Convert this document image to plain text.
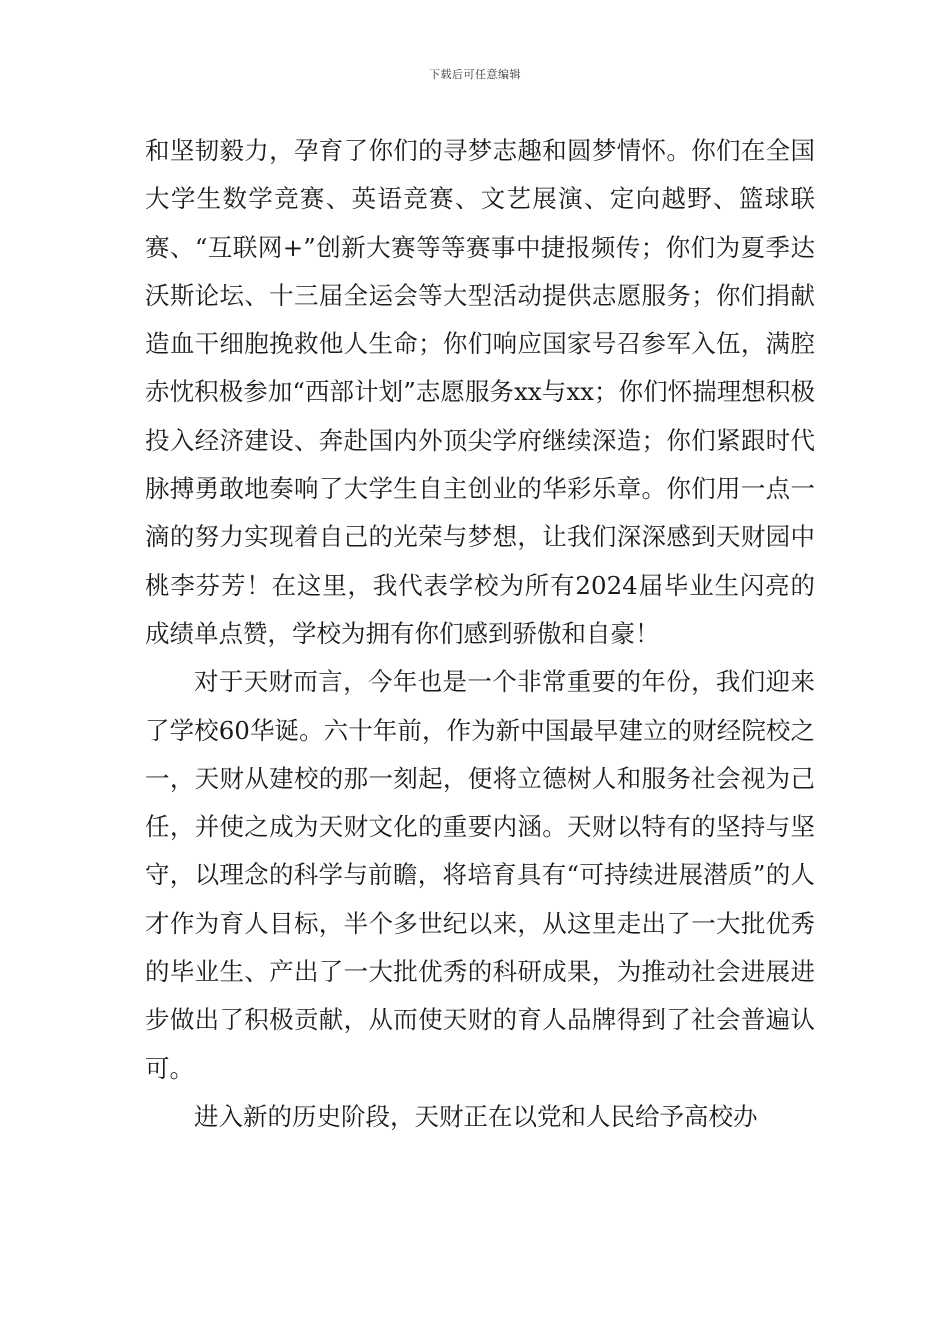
下载后可任意编辑

和坚韧毅力，孕育了你们的寻梦志趣和圆梦情怀。你们在全国大学生数学竞赛、英语竞赛、文艺展演、定向越野、篮球联赛、“互联网+”创新大赛等等赛事中捷报频传；你们为夏季达沃斯论坛、十三届全运会等大型活动提供志愿服务；你们捐献造血干细胞挽救他人生命；你们响应国家号召参军入伍，满腔赤忱积极参加“西部计划”志愿服务xx与xx；你们怀揣理想积极投入经济建设、奔赴国内外顶尖学府继续深造；你们紧跟时代脉搏勇敢地奏响了大学生自主创业的华彩乐章。你们用一点一滴的努力实现着自己的光荣与梦想，让我们深深感到天财园中桃李芬芳！在这里，我代表学校为所有2024届毕业生闪亮的成绩单点赞，学校为拥有你们感到骄傲和自豪！

对于天财而言，今年也是一个非常重要的年份，我们迎来了学校60华诞。六十年前，作为新中国最早建立的财经院校之一，天财从建校的那一刻起，便将立德树人和服务社会视为己任，并使之成为天财文化的重要内涵。天财以特有的坚持与坚守，以理念的科学与前瞻，将培育具有“可持续进展潜质”的人才作为育人目标，半个多世纪以来，从这里走出了一大批优秀的毕业生、产出了一大批优秀的科研成果，为推动社会进展进步做出了积极贡献，从而使天财的育人品牌得到了社会普遍认可。

进入新的历史阶段，天财正在以党和人民给予高校办
